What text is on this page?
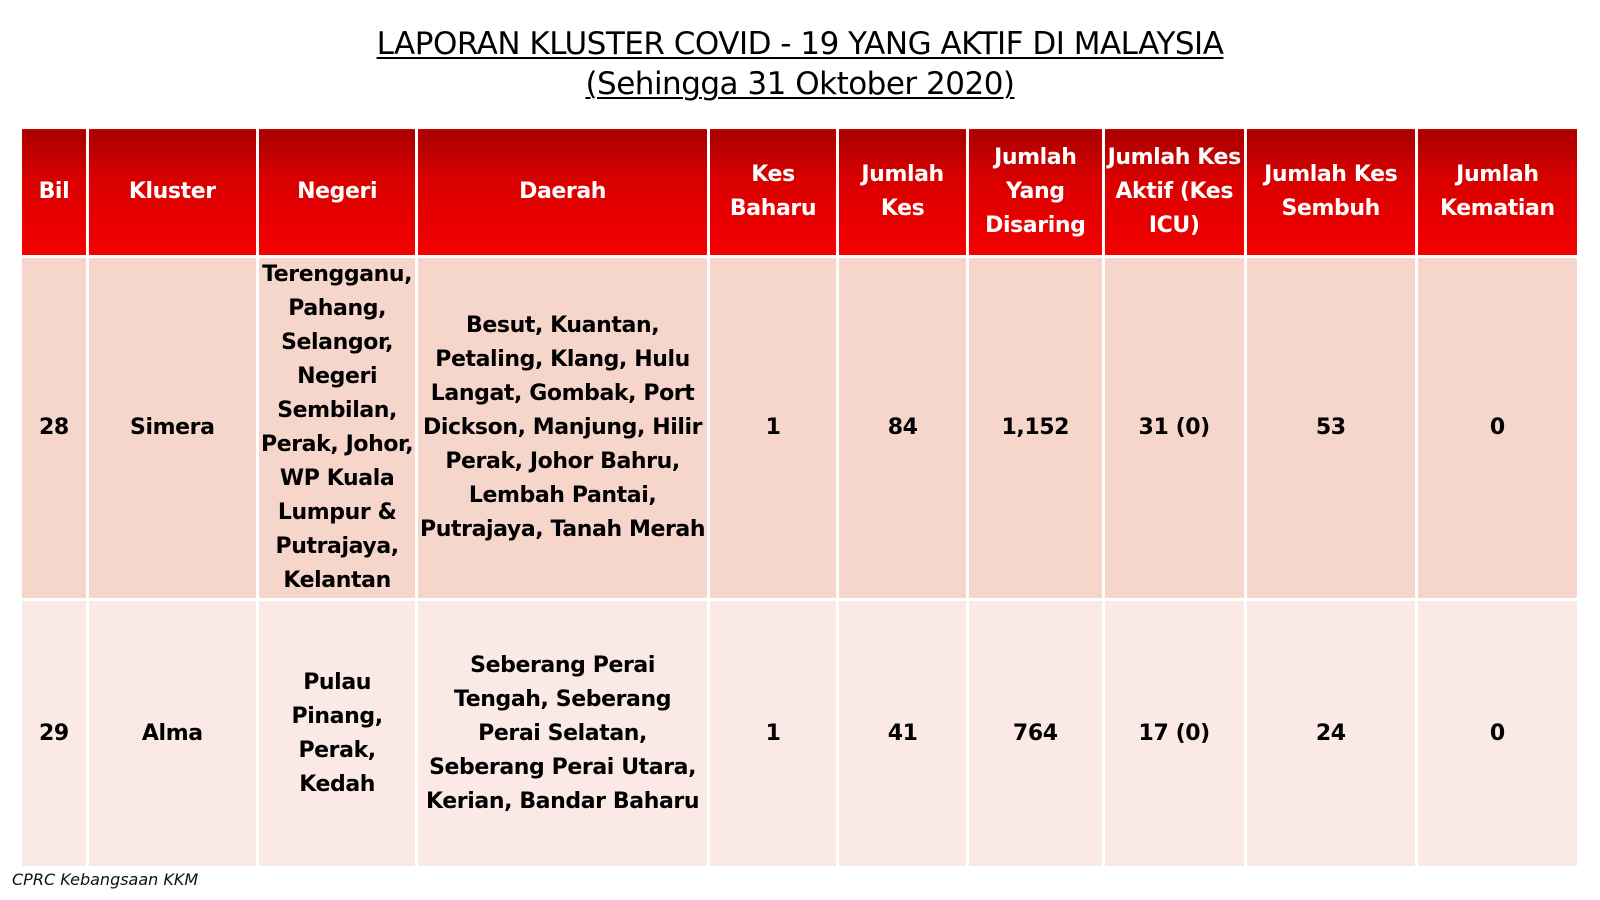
LAPORAN KLUSTER COVID - 19 YANG AKTIF DI MALAYSIA
(Sehingga 31 Oktober 2020)
Bil	Kluster	Negeri	Daerah	Kes Baharu	Jumlah Kes	Jumlah Yang Disaring	Jumlah Kes Aktif (Kes ICU)	Jumlah Kes Sembuh	Jumlah Kematian
28	Simera	Terengganu, Pahang, Selangor, Negeri Sembilan, Perak, Johor, WP Kuala Lumpur & Putrajaya, Kelantan	Besut, Kuantan, Petaling, Klang, Hulu Langat, Gombak, Port Dickson, Manjung, Hilir Perak, Johor Bahru, Lembah Pantai, Putrajaya, Tanah Merah	1	84	1,152	31 (0)	53	0
29	Alma	Pulau Pinang, Perak, Kedah	Seberang Perai Tengah, Seberang Perai Selatan, Seberang Perai Utara, Kerian, Bandar Baharu	1	41	764	17 (0)	24	0
CPRC Kebangsaan KKM
